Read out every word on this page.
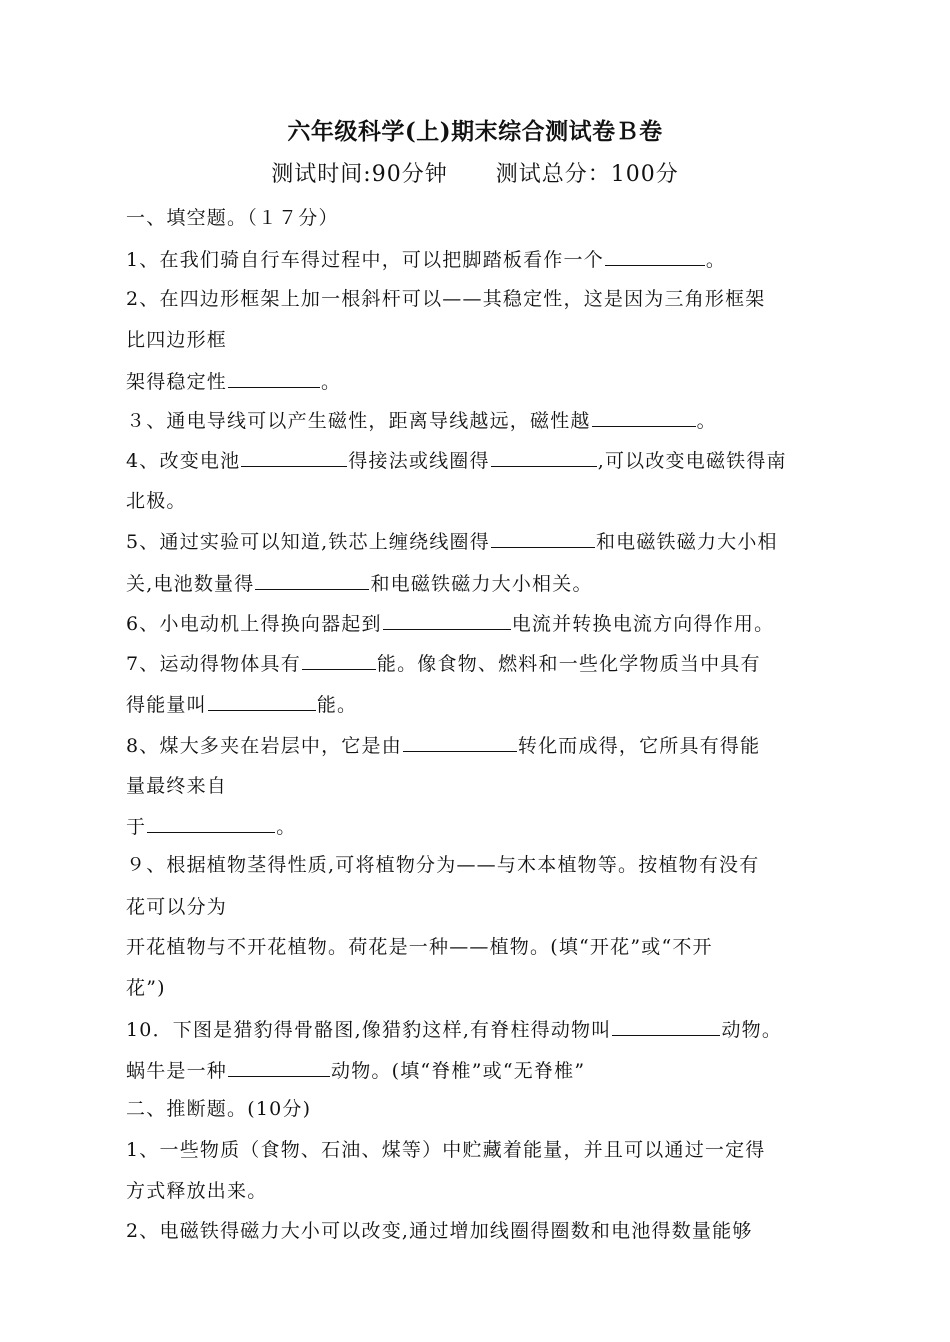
六年级科学(上)期末综合测试卷Ｂ卷
测试时间:90分钟 测试总分：100分
一、填空题。（１７分）
1、在我们骑自行车得过程中，可以把脚踏板看作一个	。
2、在四边形框架上加一根斜杆可以——其稳定性，这是因为三角形框架
比四边形框
架得稳定性	。
３、通电导线可以产生磁性，距离导线越远，磁性越	。
4、改变电池	得接法或线圈得	,可以改变电磁铁得南
北极。
5、通过实验可以知道,铁芯上缠绕线圈得	和电磁铁磁力大小相
关,电池数量得	和电磁铁磁力大小相关。
6、小电动机上得换向器起到	电流并转换电流方向得作用。
7、运动得物体具有	能。像食物、燃料和一些化学物质当中具有
得能量叫	能。
8、煤大多夹在岩层中，它是由	转化而成得，它所具有得能
量最终来自
于	。
９、根据植物茎得性质,可将植物分为——与木本植物等。按植物有没有
花可以分为
开花植物与不开花植物。荷花是一种——植物。(填“开花”或“不开
花”)
10．下图是猎豹得骨骼图,像猎豹这样,有脊柱得动物叫	动物。
蜗牛是一种	动物。(填“脊椎”或“无脊椎”
二、推断题。(10分)
1、一些物质（食物、石油、煤等）中贮藏着能量，并且可以通过一定得
方式释放出来。
2、电磁铁得磁力大小可以改变,通过增加线圈得圈数和电池得数量能够
